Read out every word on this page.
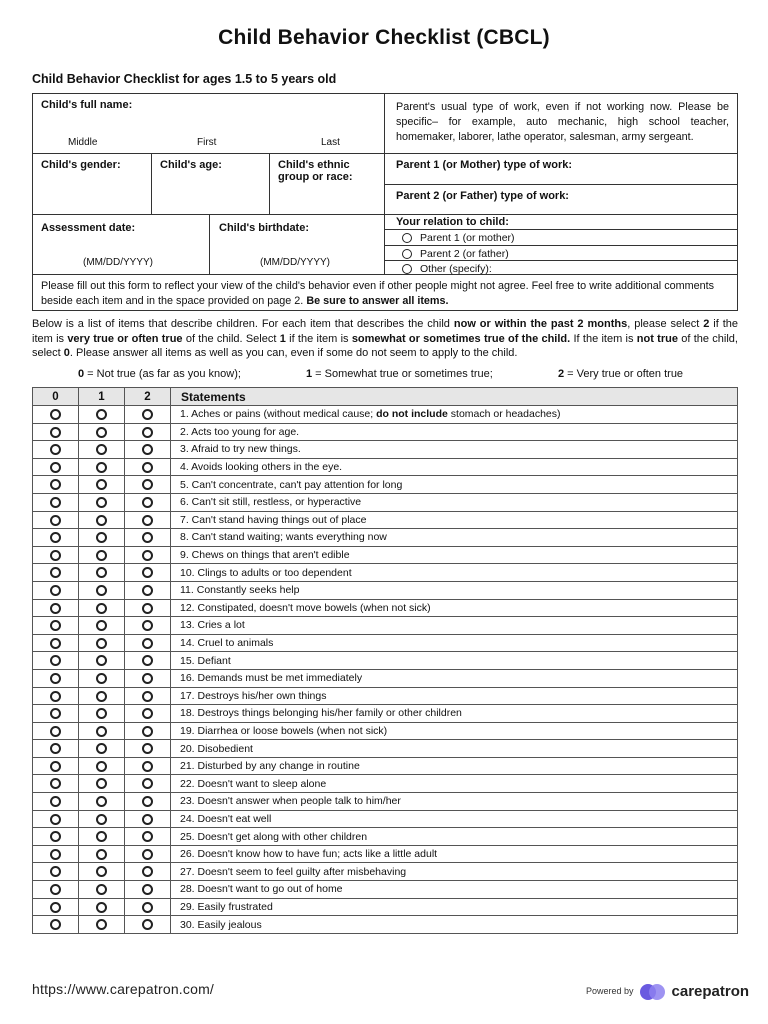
Child Behavior Checklist (CBCL)
Child Behavior Checklist for ages 1.5 to 5 years old
Child's full name:
Middle	First	Last
Parent's usual type of work, even if not working now. Please be specific– for example, auto mechanic, high school teacher, homemaker, laborer, lathe operator, salesman, army sergeant.
Child's gender:	Child's age:	Child's ethnic group or race:
Parent 1 (or Mother) type of work:
Parent 2 (or Father) type of work:
Assessment date:
(MM/DD/YYYY)
Child's birthdate:
(MM/DD/YYYY)
Your relation to child:
Parent 1 (or mother)
Parent 2 (or father)
Other (specify):
Please fill out this form to reflect your view of the child's behavior even if other people might not agree. Feel free to write additional comments beside each item and in the space provided on page 2. Be sure to answer all items.
Below is a list of items that describe children. For each item that describes the child now or within the past 2 months, please select 2 if the item is very true or often true of the child. Select 1 if the item is somewhat or sometimes true of the child. If the item is not true of the child, select 0. Please answer all items as well as you can, even if some do not seem to apply to the child.
0 = Not true (as far as you know);	1 = Somewhat true or sometimes true;	2 = Very true or often true
0	1	2	Statements
			1. Aches or pains (without medical cause; do not include stomach or headaches)
			2. Acts too young for age.
			3. Afraid to try new things.
			4. Avoids looking others in the eye.
			5. Can't concentrate, can't pay attention for long
			6. Can't sit still, restless, or hyperactive
			7. Can't stand having things out of place
			8. Can't stand waiting; wants everything now
			9. Chews on things that aren't edible
			10. Clings to adults or too dependent
			11. Constantly seeks help
			12. Constipated, doesn't move bowels (when not sick)
			13. Cries a lot
			14. Cruel to animals
			15. Defiant
			16. Demands must be met immediately
			17. Destroys his/her own things
			18. Destroys things belonging his/her family or other children
			19. Diarrhea or loose bowels (when not sick)
			20. Disobedient
			21. Disturbed by any change in routine
			22. Doesn't want to sleep alone
			23. Doesn't answer when people talk to him/her
			24. Doesn't eat well
			25. Doesn't get along with other children
			26. Doesn't know how to have fun; acts like a little adult
			27. Doesn't seem to feel guilty after misbehaving
			28. Doesn't want to go out of home
			29. Easily frustrated
			30. Easily jealous
https://www.carepatron.com/	Powered by	carepatron
